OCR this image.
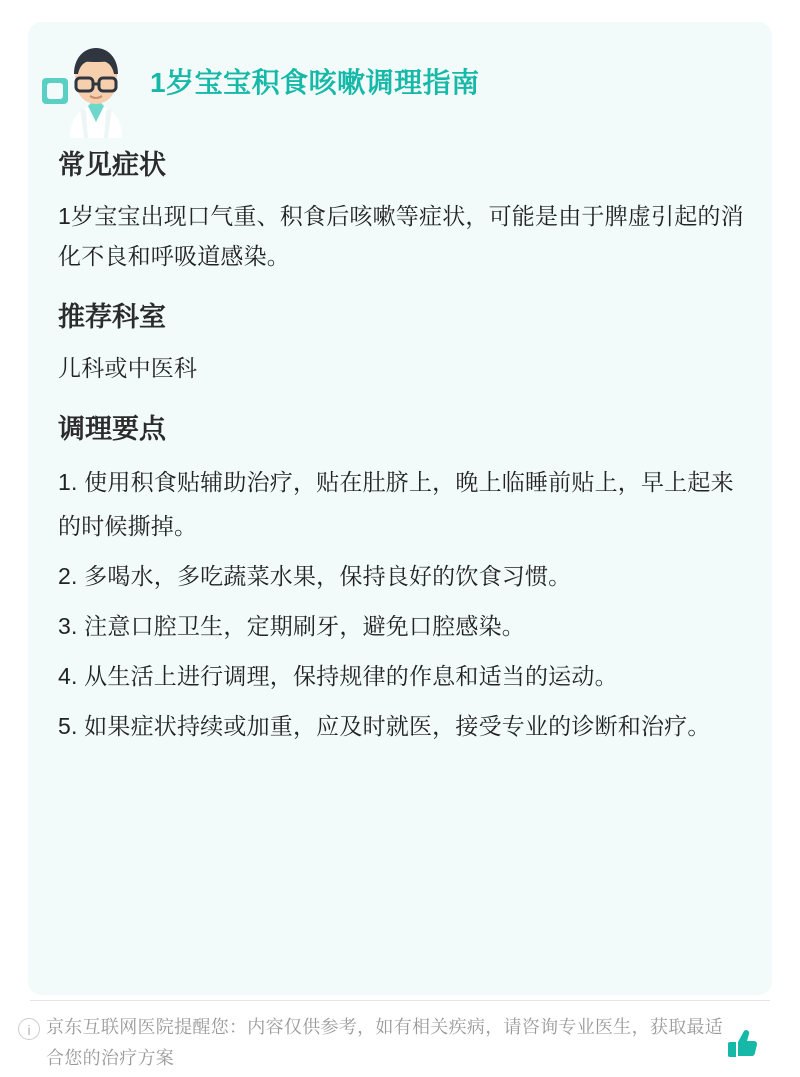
1岁宝宝积食咳嗽调理指南
常见症状

1岁宝宝出现口气重、积食后咳嗽等症状，可能是由于脾虚引起的消化不良和呼吸道感染。

推荐科室

儿科或中医科

调理要点
1. 使用积食贴辅助治疗，贴在肚脐上，晚上临睡前贴上，早上起来的时候撕掉。
2. 多喝水，多吃蔬菜水果，保持良好的饮食习惯。
3. 注意口腔卫生，定期刷牙，避免口腔感染。
4. 从生活上进行调理，保持规律的作息和适当的运动。
5. 如果症状持续或加重，应及时就医，接受专业的诊断和治疗。
i 京东互联网医院提醒您：内容仅供参考，如有相关疾病，请咨询专业医生，获取最适合您的治疗方案
